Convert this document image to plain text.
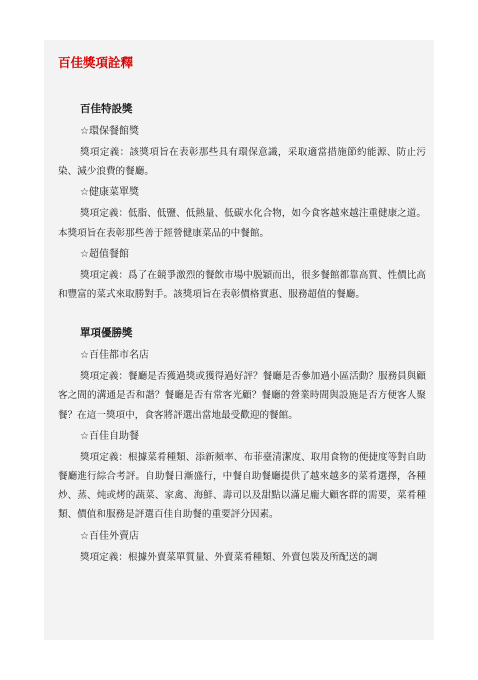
百佳獎項詮釋
百佳特設獎
☆環保餐館獎
獎項定義：該獎項旨在表彰那些具有環保意識，采取適當措施節約能源、防止污染、減少浪費的餐廳。
☆健康菜單獎
獎項定義：低脂、低鹽、低熱量、低碳水化合物，如今食客越來越注重健康之道。本獎項旨在表彰那些善于經營健康菜品的中餐館。
☆超值餐館
獎項定義：爲了在競爭激烈的餐飲市場中脱穎而出，很多餐館都靠高質、性價比高和豐富的菜式來取勝對手。該獎項旨在表彰價格實惠、服務超值的餐廳。
單項優勝獎
☆百佳都市名店
獎項定義：餐廳是否獲過獎或獲得過好評？餐廳是否參加過小區活動？服務員與顧客之間的溝通是否和諧？餐廳是否有常客光顧？餐廳的營業時間與設施是否方便客人聚餐？在這一獎項中，食客將評選出當地最受歡迎的餐館。
☆百佳自助餐
獎項定義：根據菜肴種類、添新頻率、布菲臺清潔度、取用食物的便捷度等對自助餐廳進行綜合考評。自助餐日漸盛行，中餐自助餐廳提供了越來越多的菜肴選擇，各種炒、蒸、炖或烤的蔬菜、家禽、海鮮、壽司以及甜點以滿足龐大顧客群的需要，菜肴種類、價值和服務是評選百佳自助餐的重要評分因素。
☆百佳外賣店
獎項定義：根據外賣菜單質量、外賣菜肴種類、外賣包裝及所配送的調
